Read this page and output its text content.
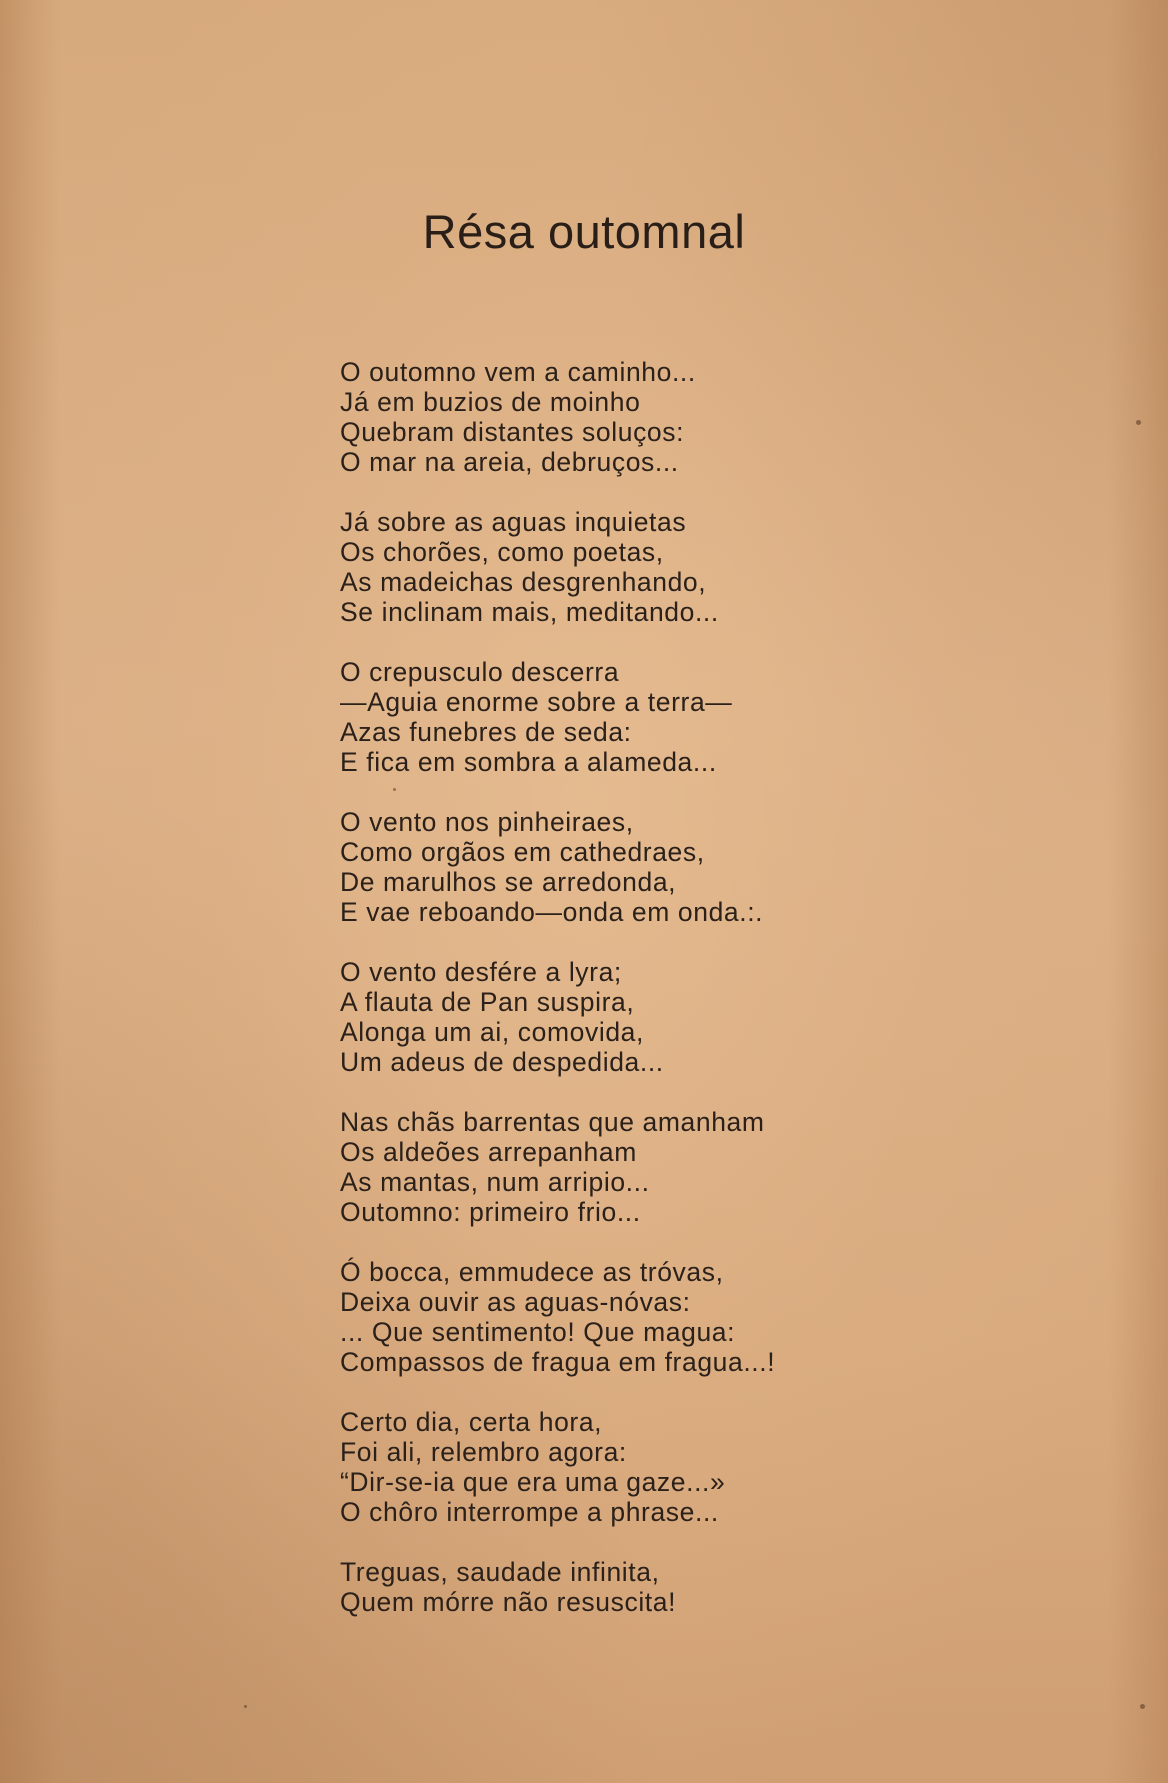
Résa outomnal
O outomno vem a caminho...
Já em buzios de moinho
Quebram distantes soluços:
O mar na areia, debruços...
Já sobre as aguas inquietas
Os chorões, como poetas,
As madeichas desgrenhando,
Se inclinam mais, meditando...
O crepusculo descerra
—Aguia enorme sobre a terra—
Azas funebres de seda:
E fica em sombra a alameda...
O vento nos pinheiraes,
Como orgãos em cathedraes,
De marulhos se arredonda,
E vae reboando—onda em onda.:.
O vento desfére a lyra;
A flauta de Pan suspira,
Alonga um ai, comovida,
Um adeus de despedida...
Nas chãs barrentas que amanham
Os aldeões arrepanham
As mantas, num arripio...
Outomno: primeiro frio...
Ó bocca, emmudece as tróvas,
Deixa ouvir as aguas-nóvas:
... Que sentimento! Que magua:
Compassos de fragua em fragua...!
Certo dia, certa hora,
Foi ali, relembro agora:
“Dir-se-ia que era uma gaze...»
O chôro interrompe a phrase...
Treguas, saudade infinita,
Quem mórre não resuscita!
